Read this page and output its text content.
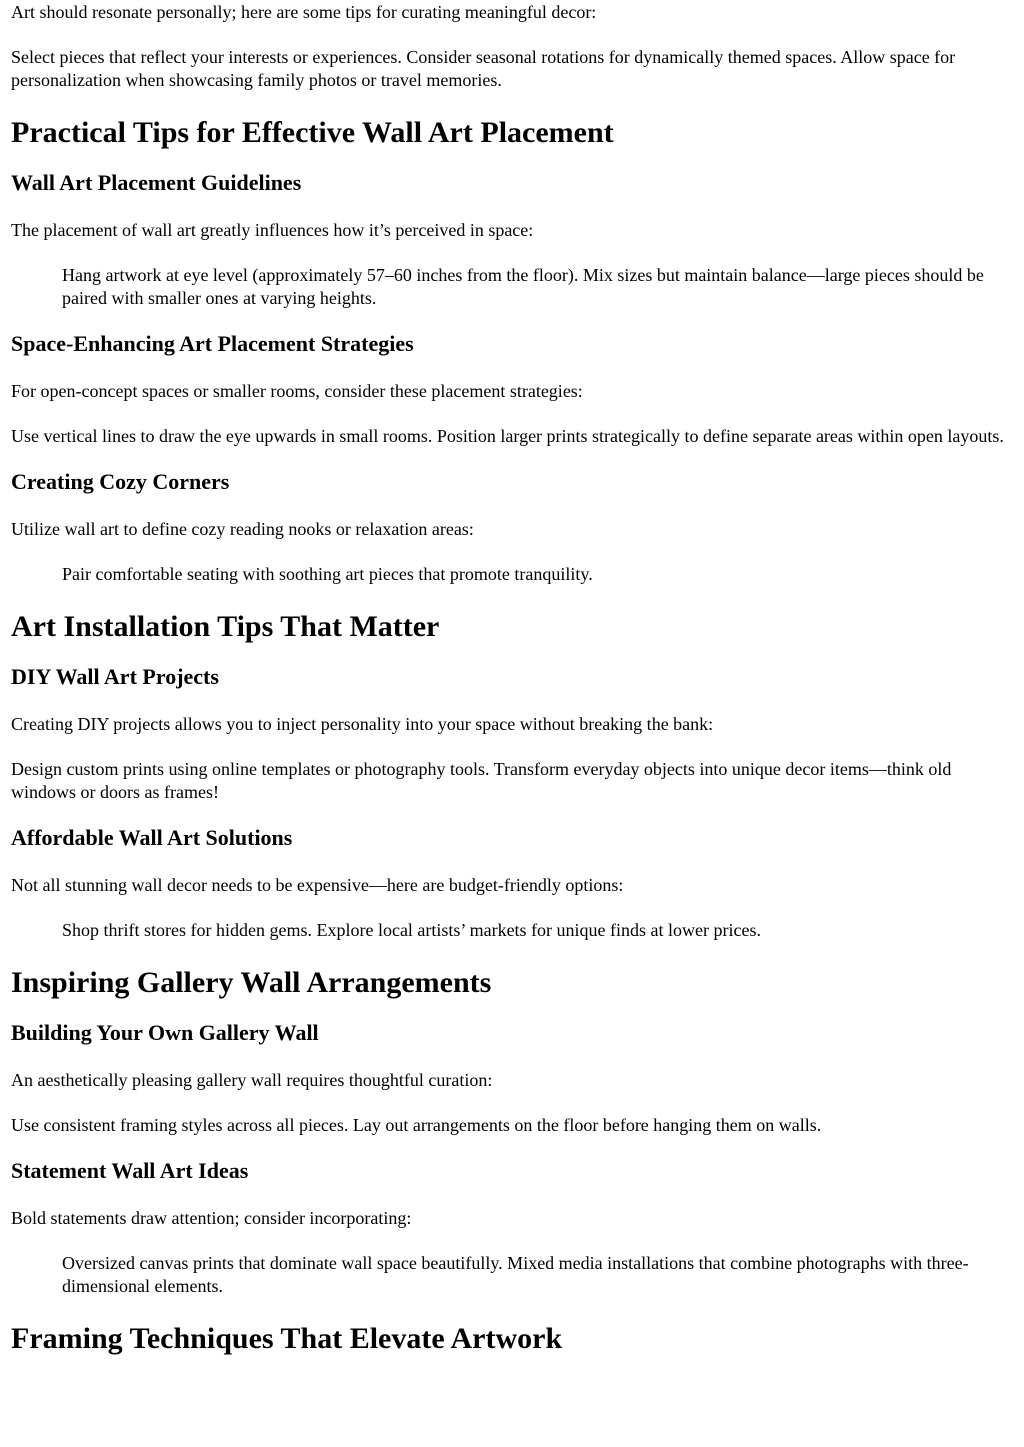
Art should resonate personally; here are some tips for curating meaningful decor:

Select pieces that reflect your interests or experiences. Consider seasonal rotations for dynamically themed spaces. Allow space for personalization when showcasing family photos or travel memories.

Practical Tips for Effective Wall Art Placement
Wall Art Placement Guidelines

The placement of wall art greatly influences how it’s perceived in space:

Hang artwork at eye level (approximately 57–60 inches from the floor). Mix sizes but maintain balance—large pieces should be paired with smaller ones at varying heights.

Space-Enhancing Art Placement Strategies

For open-concept spaces or smaller rooms, consider these placement strategies:

Use vertical lines to draw the eye upwards in small rooms. Position larger prints strategically to define separate areas within open layouts.

Creating Cozy Corners

Utilize wall art to define cozy reading nooks or relaxation areas:

Pair comfortable seating with soothing art pieces that promote tranquility.

Art Installation Tips That Matter
DIY Wall Art Projects

Creating DIY projects allows you to inject personality into your space without breaking the bank:

Design custom prints using online templates or photography tools. Transform everyday objects into unique decor items—think old windows or doors as frames!

Affordable Wall Art Solutions

Not all stunning wall decor needs to be expensive—here are budget-friendly options:

Shop thrift stores for hidden gems. Explore local artists’ markets for unique finds at lower prices.

Inspiring Gallery Wall Arrangements
Building Your Own Gallery Wall

An aesthetically pleasing gallery wall requires thoughtful curation:

Use consistent framing styles across all pieces. Lay out arrangements on the floor before hanging them on walls.

Statement Wall Art Ideas

Bold statements draw attention; consider incorporating:

Oversized canvas prints that dominate wall space beautifully. Mixed media installations that combine photographs with three-dimensional elements.

Framing Techniques That Elevate Artwork
